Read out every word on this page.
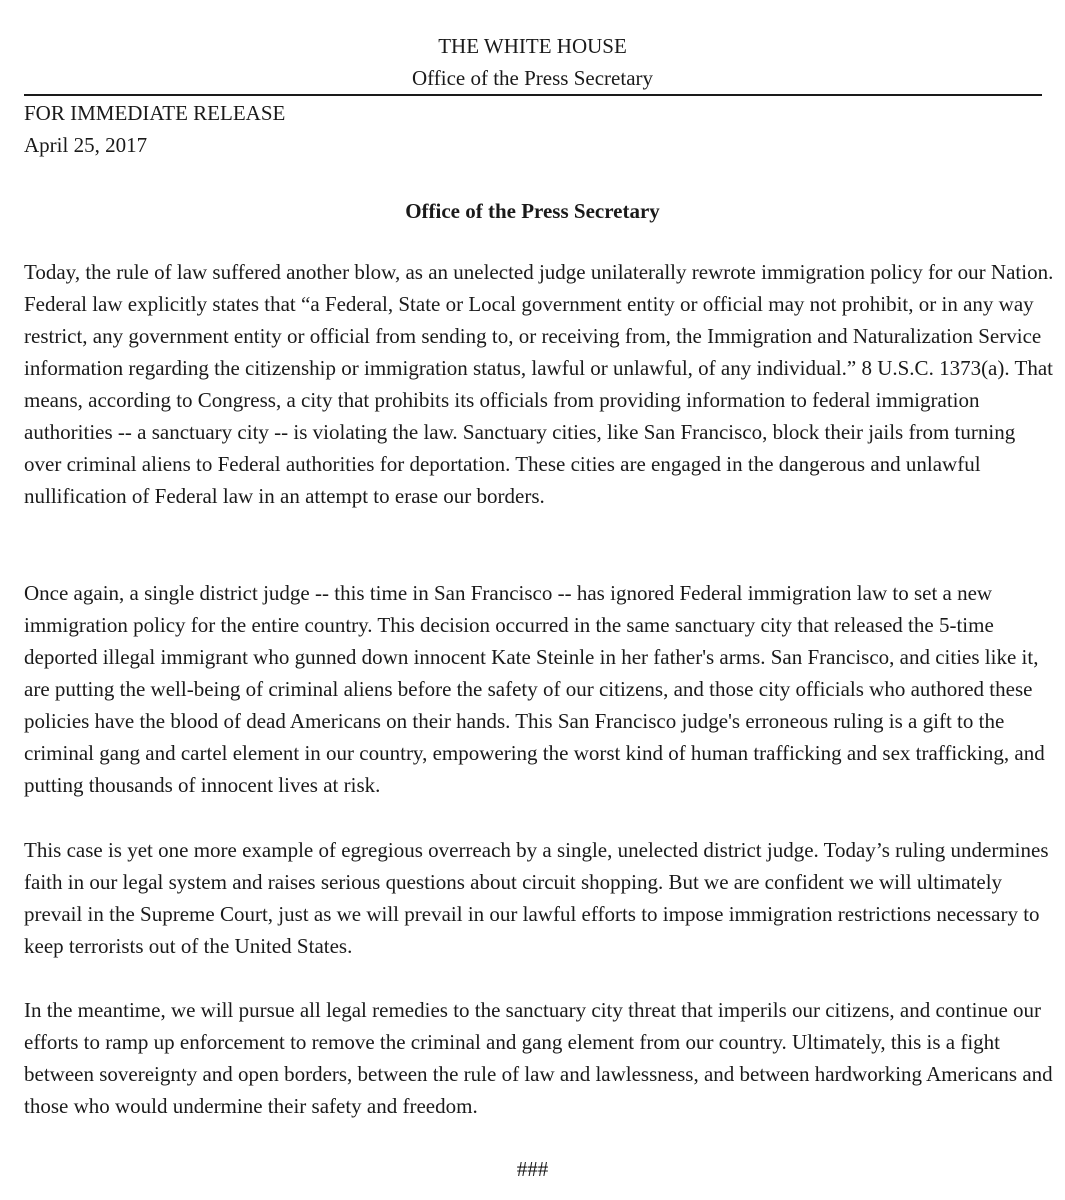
THE WHITE HOUSE
Office of the Press Secretary
FOR IMMEDIATE RELEASE
April 25, 2017
Office of the Press Secretary

Today, the rule of law suffered another blow, as an unelected judge unilaterally rewrote immigration policy for our Nation. Federal law explicitly states that “a Federal, State or Local government entity or official may not prohibit, or in any way restrict, any government entity or official from sending to, or receiving from, the Immigration and Naturalization Service information regarding the citizenship or immigration status, lawful or unlawful, of any individual.” 8 U.S.C. 1373(a). That means, according to Congress, a city that prohibits its officials from providing information to federal immigration authorities -- a sanctuary city -- is violating the law. Sanctuary cities, like San Francisco, block their jails from turning over criminal aliens to Federal authorities for deportation. These cities are engaged in the dangerous and unlawful nullification of Federal law in an attempt to erase our borders.

Once again, a single district judge -- this time in San Francisco -- has ignored Federal immigration law to set a new immigration policy for the entire country. This decision occurred in the same sanctuary city that released the 5-time deported illegal immigrant who gunned down innocent Kate Steinle in her father's arms. San Francisco, and cities like it, are putting the well-being of criminal aliens before the safety of our citizens, and those city officials who authored these policies have the blood of dead Americans on their hands. This San Francisco judge's erroneous ruling is a gift to the criminal gang and cartel element in our country, empowering the worst kind of human trafficking and sex trafficking, and putting thousands of innocent lives at risk.

This case is yet one more example of egregious overreach by a single, unelected district judge. Today’s ruling undermines faith in our legal system and raises serious questions about circuit shopping. But we are confident we will ultimately prevail in the Supreme Court, just as we will prevail in our lawful efforts to impose immigration restrictions necessary to keep terrorists out of the United States.

In the meantime, we will pursue all legal remedies to the sanctuary city threat that imperils our citizens, and continue our efforts to ramp up enforcement to remove the criminal and gang element from our country. Ultimately, this is a fight between sovereignty and open borders, between the rule of law and lawlessness, and between hardworking Americans and those who would undermine their safety and freedom.

###
